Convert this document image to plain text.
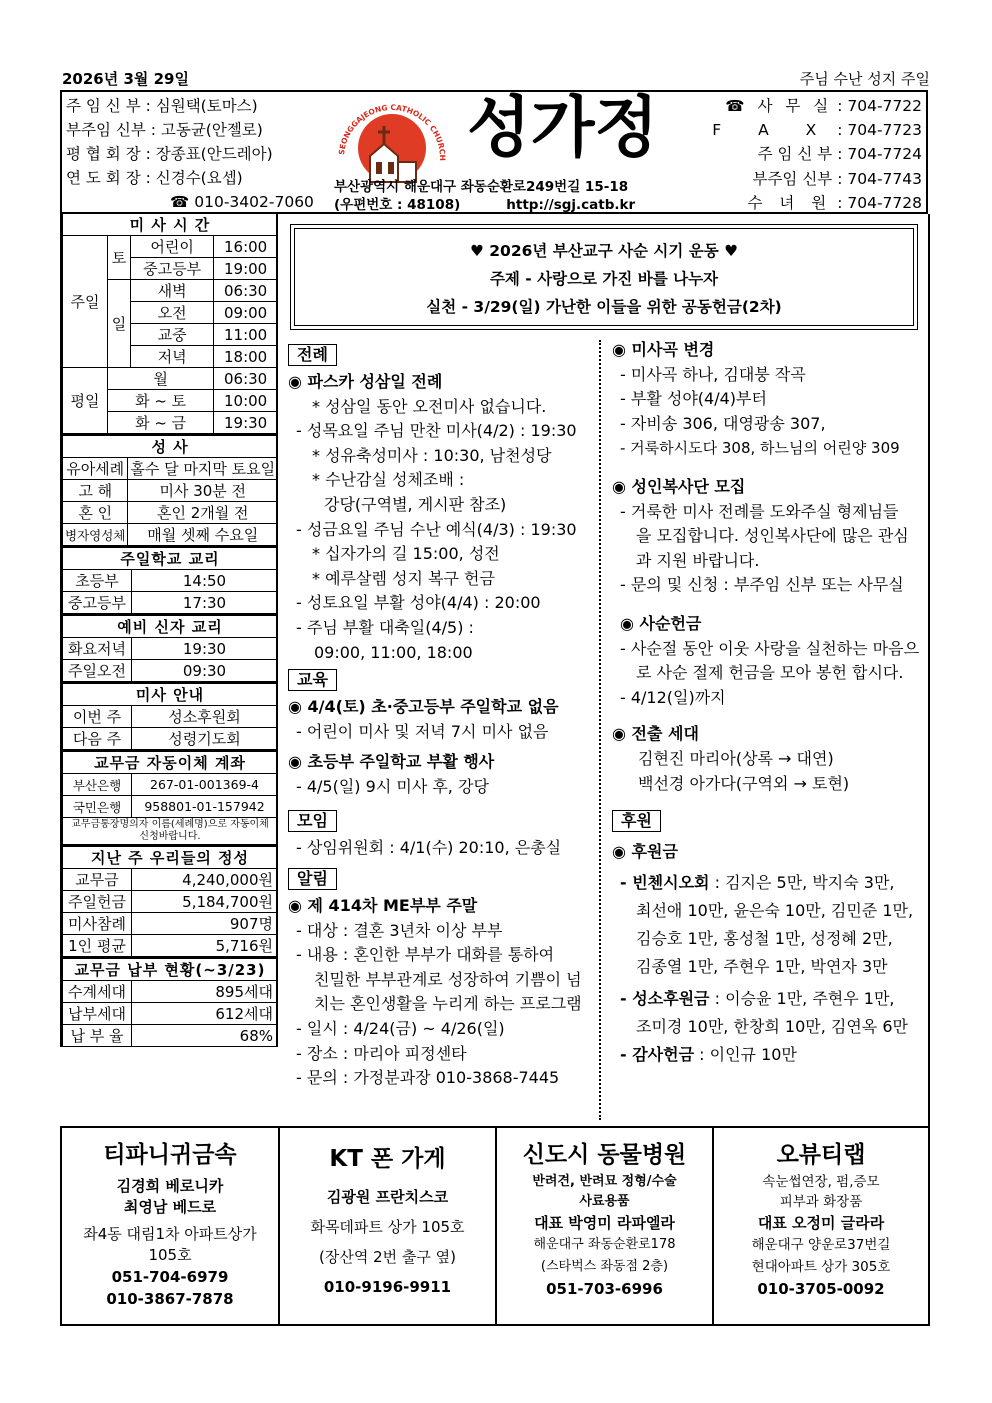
2026년 3월 29일	주님 수난 성지 주일
주 임 신 부 : 심원택(토마스)
부주임 신부 : 고동균(안젤로)
평 협 회 장 : 장종표(안드레아)
연 도 회 장 : 신경수(요셉)
☎ 010-3402-7060
SEONGGAJEONG CATHOLIC CHURCH 성가정
부산광역시 해운대구 좌동순환로249번길 15-18
(우편번호 : 48108)	http://sgj.catb.kr
☎ 사 무 실 : 704-7722
F A X : 704-7723
주 임 신 부 : 704-7724
부주임 신부 : 704-7743
수 녀 원 : 704-7728
미 사 시 간			
주일	토	어린이	16:00
		중고등부	19:00
	일	새벽	06:30
		오전	09:00
		교중	11:00
		저녁	18:00
평일	월		06:30
	화 ~ 토		10:00
	화 ~ 금		19:30
성 사	
유아세례	홀수 달 마지막 토요일
고 해	미사 30분 전
혼 인	혼인 2개월 전
병자영성체	매월 셋째 수요일
주일학교 교리	
초등부	14:50
중고등부	17:30
예비 신자 교리	
화요저녁	19:30
주일오전	09:30
미사 안내	
이번 주	성소후원회
다음 주	성령기도회
교무금 자동이체 계좌	
부산은행	267-01-001369-4
국민은행	958801-01-157942
교무금통장명의자 이름(세례명)으로 자동이체 신청바랍니다.	
지난 주 우리들의 정성	
교무금	4,240,000원
주일헌금	5,184,700원
미사참례	907명
1인 평균	5,716원
교무금 납부 현황(~3/23)	
수계세대	895세대
납부세대	612세대
납 부 율	68%
♥ 2026년 부산교구 사순 시기 운동 ♥
주제 - 사랑으로 가진 바를 나누자
실천 - 3/29(일) 가난한 이들을 위한 공동헌금(2차)
전례
◉ 파스카 성삼일 전례
* 성삼일 동안 오전미사 없습니다.
- 성목요일 주님 만찬 미사(4/2) : 19:30
* 성유축성미사 : 10:30, 남천성당
* 수난감실 성체조배 :
강당(구역별, 게시판 참조)
- 성금요일 주님 수난 예식(4/3) : 19:30
* 십자가의 길 15:00, 성전
* 예루살렘 성지 복구 헌금
- 성토요일 부활 성야(4/4) : 20:00
- 주님 부활 대축일(4/5) :
09:00, 11:00, 18:00
교육
◉ 4/4(토) 초·중고등부 주일학교 없음
- 어린이 미사 및 저녁 7시 미사 없음
◉ 초등부 주일학교 부활 행사
- 4/5(일) 9시 미사 후, 강당
모임
- 상임위원회 : 4/1(수) 20:10, 은총실
알림
◉ 제 414차 ME부부 주말
- 대상 : 결혼 3년차 이상 부부
- 내용 : 혼인한 부부가 대화를 통하여
친밀한 부부관계로 성장하여 기쁨이 넘
치는 혼인생활을 누리게 하는 프로그램
- 일시 : 4/24(금) ~ 4/26(일)
- 장소 : 마리아 피정센타
- 문의 : 가정분과장 010-3868-7445
◉ 미사곡 변경
- 미사곡 하나, 김대붕 작곡
- 부활 성야(4/4)부터
- 자비송 306, 대영광송 307,
- 거룩하시도다 308, 하느님의 어린양 309
◉ 성인복사단 모집
- 거룩한 미사 전례를 도와주실 형제님들
을 모집합니다. 성인복사단에 많은 관심
과 지원 바랍니다.
- 문의 및 신청 : 부주임 신부 또는 사무실
◉ 사순헌금
- 사순절 동안 이웃 사랑을 실천하는 마음으
로 사순 절제 헌금을 모아 봉헌 합시다.
- 4/12(일)까지
◉ 전출 세대
김현진 마리아(상록 → 대연)
백선경 아가다(구역외 → 토현)
후원
◉ 후원금
- 빈첸시오회 : 김지은 5만, 박지숙 3만,
최선애 10만, 윤은숙 10만, 김민준 1만,
김승호 1만, 홍성철 1만, 성정혜 2만,
김종열 1만, 주현우 1만, 박연자 3만
- 성소후원금 : 이승윤 1만, 주현우 1만,
조미경 10만, 한창희 10만, 김연옥 6만
- 감사헌금 : 이인규 10만
티파니귀금속
김경희 베로니카
최영남 베드로
좌4동 대림1차 아파트상가
105호
051-704-6979
010-3867-7878
KT 폰 가게
김광원 프란치스코
화목데파트 상가 105호
(장산역 2번 출구 옆)
010-9196-9911
신도시 동물병원
반려견, 반려묘 정형/수술
사료용품
대표 박영미 라파엘라
해운대구 좌동순환로178
(스타벅스 좌동점 2층)
051-703-6996
오뷰티랩
속눈썹연장, 펌,증모
피부과 화장품
대표 오정미 글라라
해운대구 양운로37번길
현대아파트 상가 305호
010-3705-0092
